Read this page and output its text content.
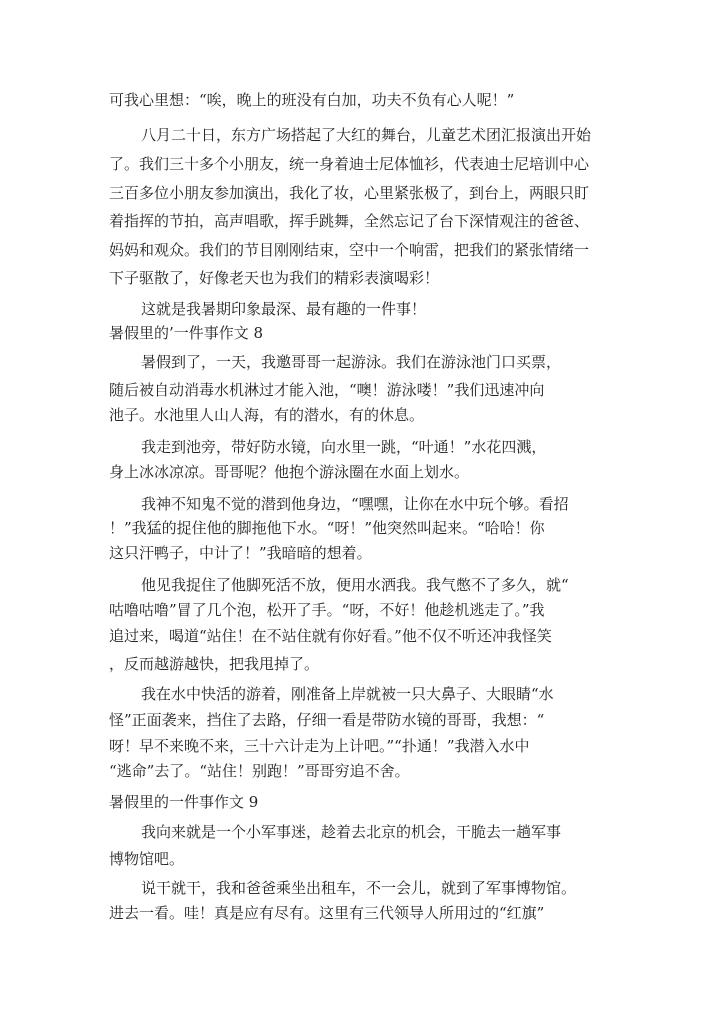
可我心里想：“唉，晚上的班没有白加，功夫不负有心人呢！”
八月二十日，东方广场搭起了大红的舞台，儿童艺术团汇报演出开始
了。我们三十多个小朋友，统一身着迪士尼体恤衫，代表迪士尼培训中心
三百多位小朋友参加演出，我化了妆，心里紧张极了，到台上，两眼只盯
着指挥的节拍，高声唱歌，挥手跳舞，全然忘记了台下深情观注的爸爸、
妈妈和观众。我们的节目刚刚结束，空中一个响雷，把我们的紧张情绪一
下子驱散了，好像老天也为我们的精彩表演喝彩！
这就是我暑期印象最深、最有趣的一件事！
暑假里的’一件事作文 8
暑假到了，一天，我邀哥哥一起游泳。我们在游泳池门口买票，
随后被自动消毒水机淋过才能入池，“噢！游泳喽！”我们迅速冲向
池子。水池里人山人海，有的潜水，有的休息。
我走到池旁，带好防水镜，向水里一跳，“叶通！”水花四溅，
身上冰冰凉凉。哥哥呢？他抱个游泳圈在水面上划水。
我神不知鬼不觉的潜到他身边，“嘿嘿，让你在水中玩个够。看招
！”我猛的捉住他的脚拖他下水。“呀！”他突然叫起来。“哈哈！你
这只汗鸭子，中计了！”我暗暗的想着。
他见我捉住了他脚死活不放，便用水洒我。我气憋不了多久，就“
咕噜咕噜”冒了几个泡，松开了手。“呀，不好！他趁机逃走了。”我
追过来，喝道“站住！在不站住就有你好看。”他不仅不听还冲我怪笑
，反而越游越快，把我甩掉了。
我在水中快活的游着，刚准备上岸就被一只大鼻子、大眼睛“水
怪”正面袭来，挡住了去路，仔细一看是带防水镜的哥哥，我想：“
呀！早不来晚不来，三十六计走为上计吧。”“扑通！”我潜入水中
“逃命”去了。“站住！别跑！”哥哥穷追不舍。
暑假里的一件事作文 9
我向来就是一个小军事迷，趁着去北京的机会，干脆去一趟军事
博物馆吧。
说干就干，我和爸爸乘坐出租车，不一会儿，就到了军事博物馆。
进去一看。哇！真是应有尽有。这里有三代领导人所用过的“红旗”
